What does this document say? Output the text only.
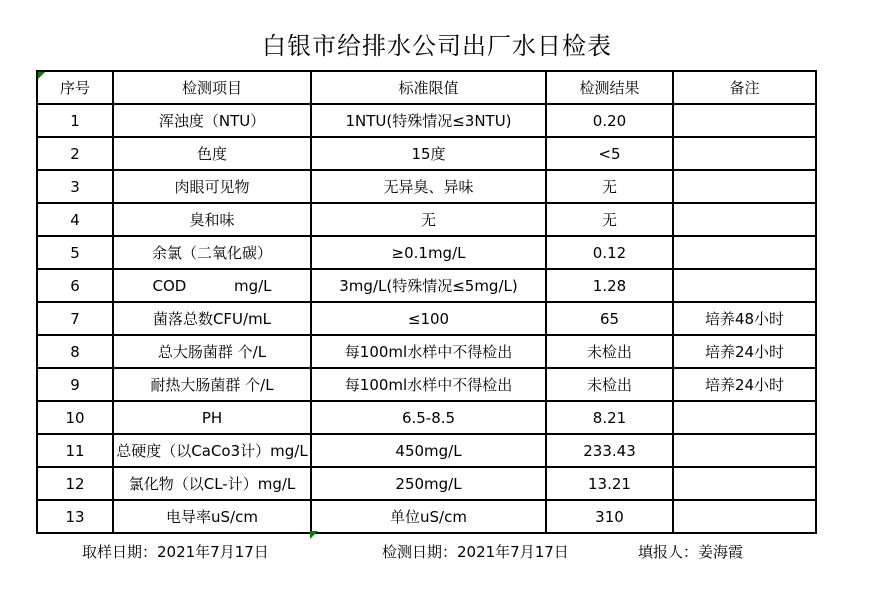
白银市给排水公司出厂水日检表
序号	检测项目	标准限值	检测结果	备注
1	浑浊度（NTU）	1NTU(特殊情况≤3NTU)	0.20	
2	色度	15度	<5	
3	肉眼可见物	无异臭、异味	无	
4	臭和味	无	无	
5	余氯（二氧化碳）	≥0.1mg/L	0.12	
6	COD          mg/L	3mg/L(特殊情况≤5mg/L)	1.28	
7	菌落总数CFU/mL	≤100	65	培养48小时
8	总大肠菌群 个/L	每100ml水样中不得检出	未检出	培养24小时
9	耐热大肠菌群 个/L	每100ml水样中不得检出	未检出	培养24小时
10	PH	6.5-8.5	8.21	
11	总硬度（以CaCo3计）mg/L	450mg/L	233.43	
12	氯化物（以CL-计）mg/L	250mg/L	13.21	
13	电导率uS/cm	单位uS/cm	310	
取样日期：2021年7月17日	检测日期：2021年7月17日	填报人：姜海霞
